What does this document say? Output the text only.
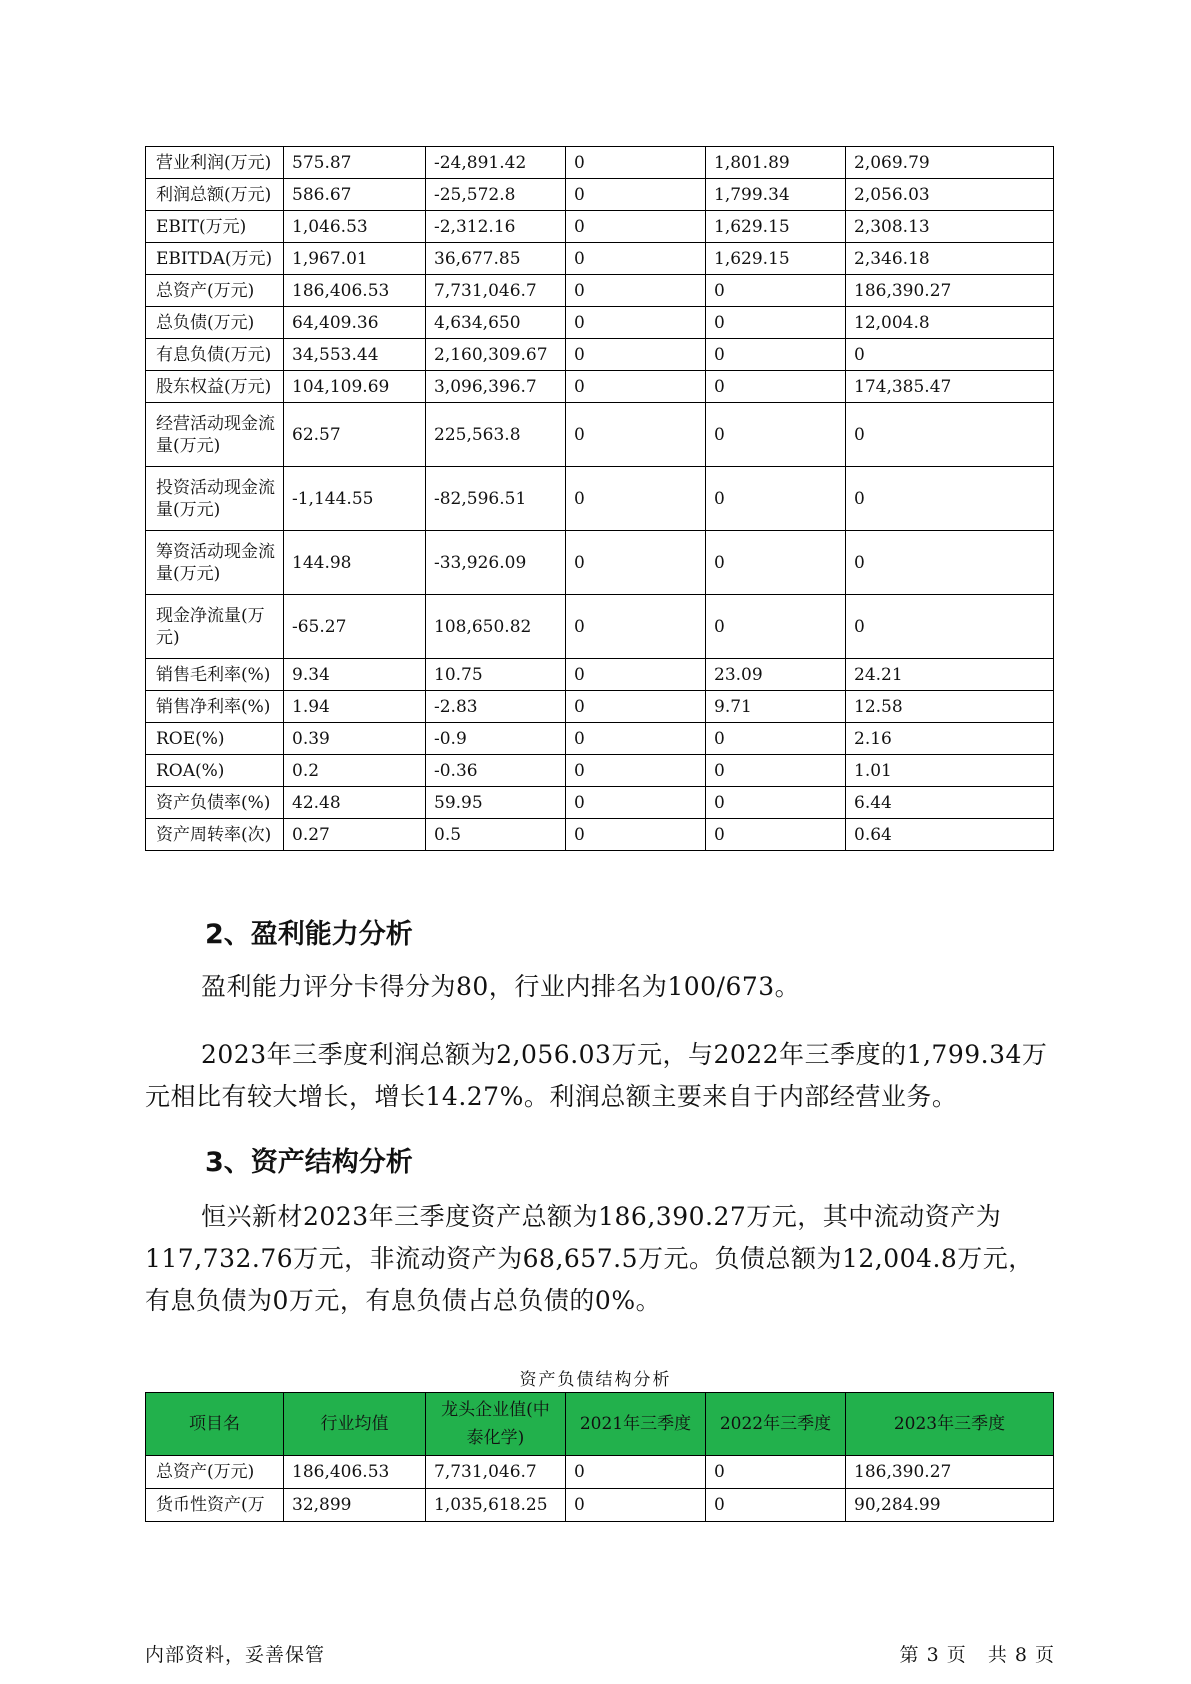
营业利润(万元)	575.87	-24,891.42	0	1,801.89	2,069.79
利润总额(万元)	586.67	-25,572.8	0	1,799.34	2,056.03
EBIT(万元)	1,046.53	-2,312.16	0	1,629.15	2,308.13
EBITDA(万元)	1,967.01	36,677.85	0	1,629.15	2,346.18
总资产(万元)	186,406.53	7,731,046.7	0	0	186,390.27
总负债(万元)	64,409.36	4,634,650	0	0	12,004.8
有息负债(万元)	34,553.44	2,160,309.67	0	0	0
股东权益(万元)	104,109.69	3,096,396.7	0	0	174,385.47
经营活动现金流量(万元)	62.57	225,563.8	0	0	0
投资活动现金流量(万元)	-1,144.55	-82,596.51	0	0	0
筹资活动现金流量(万元)	144.98	-33,926.09	0	0	0
现金净流量(万元)	-65.27	108,650.82	0	0	0
销售毛利率(%)	9.34	10.75	0	23.09	24.21
销售净利率(%)	1.94	-2.83	0	9.71	12.58
ROE(%)	0.39	-0.9	0	0	2.16
ROA(%)	0.2	-0.36	0	0	1.01
资产负债率(%)	42.48	59.95	0	0	6.44
资产周转率(次)	0.27	0.5	0	0	0.64
2、盈利能力分析

盈利能力评分卡得分为80，行业内排名为100/673。

2023年三季度利润总额为2,056.03万元，与2022年三季度的1,799.34万元相比有较大增长，增长14.27%。利润总额主要来自于内部经营业务。

3、资产结构分析

恒兴新材2023年三季度资产总额为186,390.27万元，其中流动资产为117,732.76万元，非流动资产为68,657.5万元。负债总额为12,004.8万元，有息负债为0万元，有息负债占总负债的0%。

资产负债结构分析
项目名	行业均值	龙头企业值(中泰化学)	2021年三季度	2022年三季度	2023年三季度
总资产(万元)	186,406.53	7,731,046.7	0	0	186,390.27
货币性资产(万	32,899	1,035,618.25	0	0	90,284.99
内部资料，妥善保管	第 3 页   共 8 页
